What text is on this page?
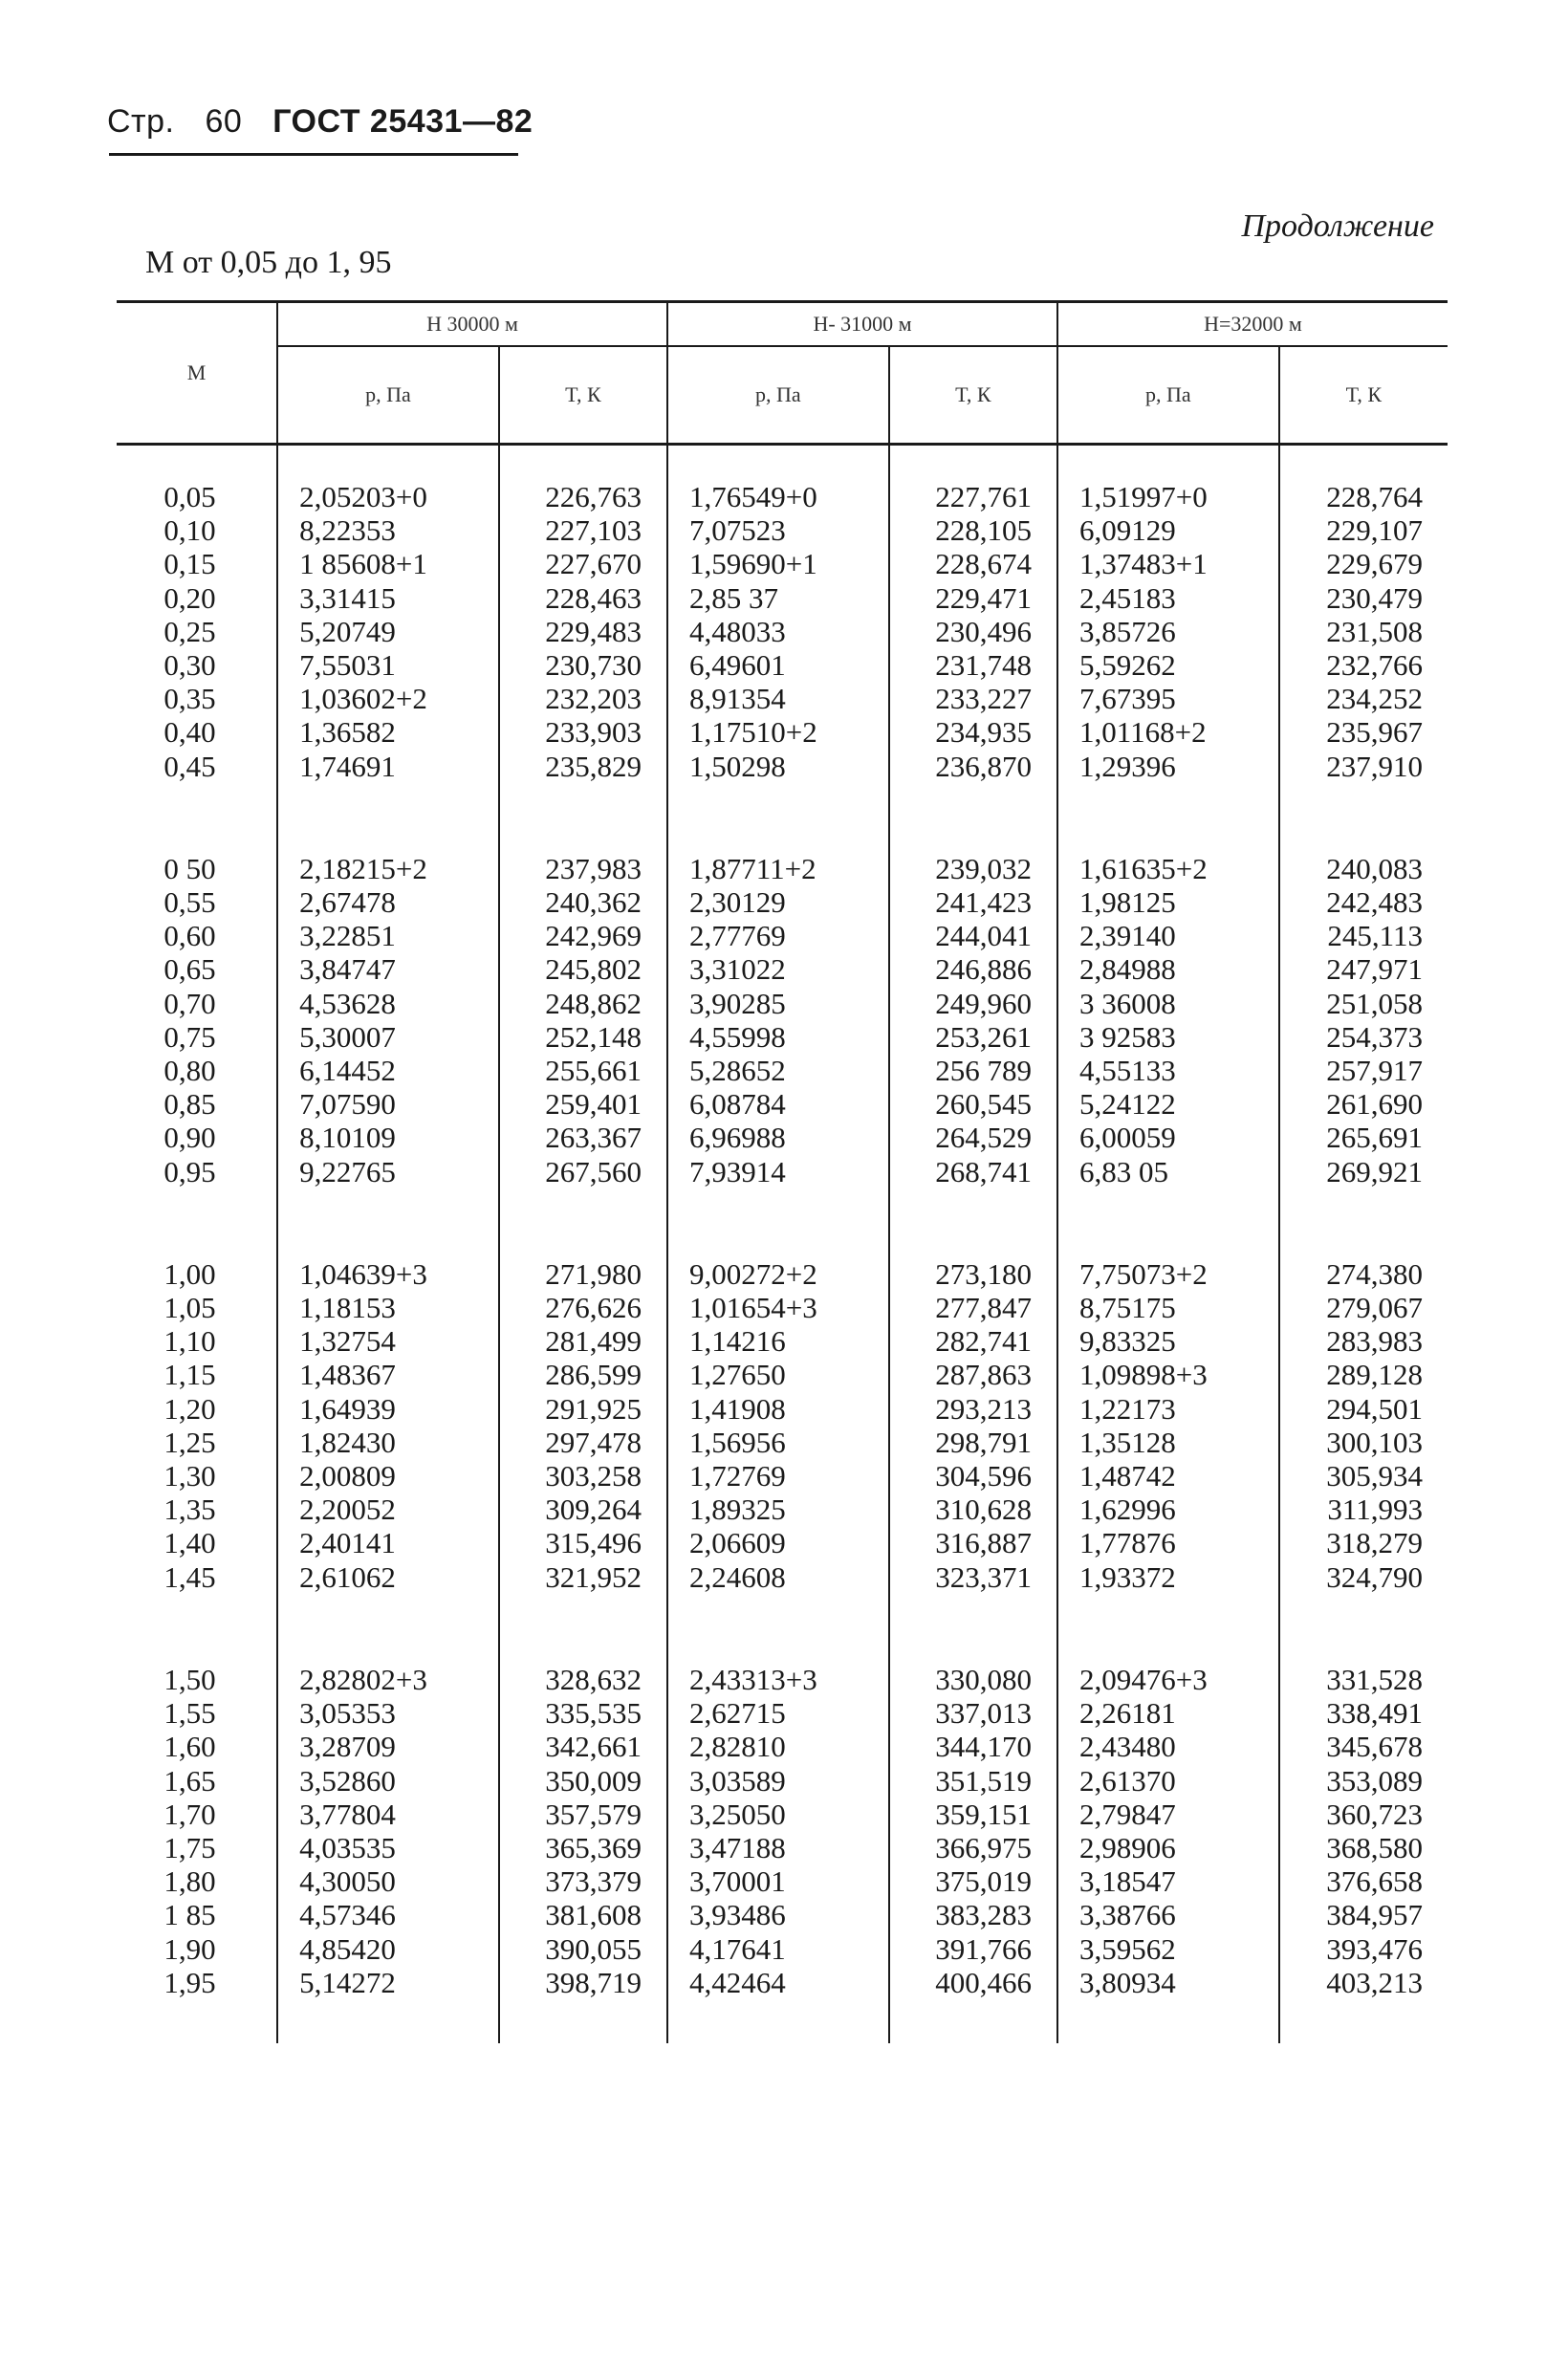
Стр. 60 ГОСТ 25431—82
Продолжение
М от 0,05 до 1, 95
М	H 30000 м		H- 31000 м		H=32000 м	
	p, Па	T, К	p, Па	T, К	p, Па	T, К

0,05	2,05203+0	226,763	1,76549+0	227,761	1,51997+0	228,764
0,10	8,22353	227,103	7,07523	228,105	6,09129	229,107
0,15	1 85608+1	227,670	1,59690+1	228,674	1,37483+1	229,679
0,20	3,31415	228,463	2,85 37	229,471	2,45183	230,479
0,25	5,20749	229,483	4,48033	230,496	3,85726	231,508
0,30	7,55031	230,730	6,49601	231,748	5,59262	232,766
0,35	1,03602+2	232,203	8,91354	233,227	7,67395	234,252
0,40	1,36582	233,903	1,17510+2	234,935	1,01168+2	235,967
0,45	1,74691	235,829	1,50298	236,870	1,29396	237,910

0 50	2,18215+2	237,983	1,87711+2	239,032	1,61635+2	240,083
0,55	2,67478	240,362	2,30129	241,423	1,98125	242,483
0,60	3,22851	242,969	2,77769	244,041	2,39140	245,113
0,65	3,84747	245,802	3,31022	246,886	2,84988	247,971
0,70	4,53628	248,862	3,90285	249,960	3 36008	251,058
0,75	5,30007	252,148	4,55998	253,261	3 92583	254,373
0,80	6,14452	255,661	5,28652	256 789	4,55133	257,917
0,85	7,07590	259,401	6,08784	260,545	5,24122	261,690
0,90	8,10109	263,367	6,96988	264,529	6,00059	265,691
0,95	9,22765	267,560	7,93914	268,741	6,83 05	269,921

1,00	1,04639+3	271,980	9,00272+2	273,180	7,75073+2	274,380
1,05	1,18153	276,626	1,01654+3	277,847	8,75175	279,067
1,10	1,32754	281,499	1,14216	282,741	9,83325	283,983
1,15	1,48367	286,599	1,27650	287,863	1,09898+3	289,128
1,20	1,64939	291,925	1,41908	293,213	1,22173	294,501
1,25	1,82430	297,478	1,56956	298,791	1,35128	300,103
1,30	2,00809	303,258	1,72769	304,596	1,48742	305,934
1,35	2,20052	309,264	1,89325	310,628	1,62996	311,993
1,40	2,40141	315,496	2,06609	316,887	1,77876	318,279
1,45	2,61062	321,952	2,24608	323,371	1,93372	324,790

1,50	2,82802+3	328,632	2,43313+3	330,080	2,09476+3	331,528
1,55	3,05353	335,535	2,62715	337,013	2,26181	338,491
1,60	3,28709	342,661	2,82810	344,170	2,43480	345,678
1,65	3,52860	350,009	3,03589	351,519	2,61370	353,089
1,70	3,77804	357,579	3,25050	359,151	2,79847	360,723
1,75	4,03535	365,369	3,47188	366,975	2,98906	368,580
1,80	4,30050	373,379	3,70001	375,019	3,18547	376,658
1 85	4,57346	381,608	3,93486	383,283	3,38766	384,957
1,90	4,85420	390,055	4,17641	391,766	3,59562	393,476
1,95	5,14272	398,719	4,42464	400,466	3,80934	403,213
